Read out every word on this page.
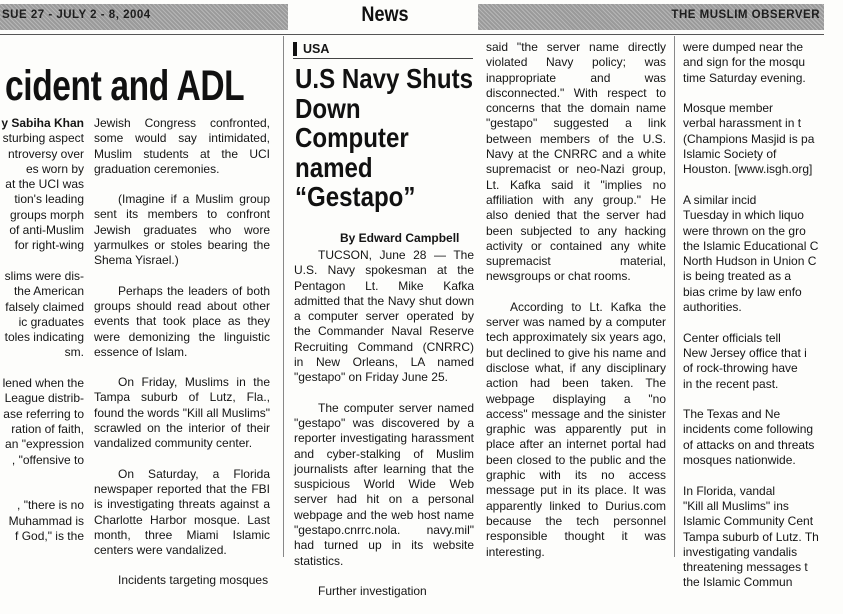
SUE 27 - JULY 2 - 8, 2004	News	THE MUSLIM OBSERVER
cident and ADL
y Sabiha Khan
sturbing aspect
ntroversy over
es worn by
at the UCI was
tion's leading
groups morph
of anti-Muslim
for right-wing
slims were dis-
the American
falsely claimed
ic graduates
toles indicating
sm.
lened when the
League distrib-
ase referring to
ration of faith,
an "expression
, "offensive to
, "there is no
Muhammad is
f God," is the

Jewish Congress confronted, some would say intimidated, Muslim students at the UCI graduation ceremonies.

(Imagine if a Muslim group sent its members to confront Jewish graduates who wore yarmulkes or stoles bearing the Shema Yisrael.)

Perhaps the leaders of both groups should read about other events that took place as they were demonizing the linguistic essence of Islam.

On Friday, Muslims in the Tampa suburb of Lutz, Fla., found the words "Kill all Muslims" scrawled on the interior of their vandalized community center.

On Saturday, a Florida newspaper reported that the FBI is investigating threats against a Charlotte Harbor mosque. Last month, three Miami Islamic centers were vandalized.

Incidents targeting mosques

USA
U.S Navy Shuts Down Computer named “Gestapo”
By Edward Campbell

TUCSON, June 28 — The U.S. Navy spokesman at the Pentagon Lt. Mike Kafka admitted that the Navy shut down a computer server operated by the Commander Naval Reserve Recruiting Command (CNRRC) in New Orleans, LA named "gestapo" on Friday June 25.

The computer server named "gestapo" was discovered by a reporter investigating harassment and cyber-stalking of Muslim journalists after learning that the suspicious World Wide Web server had hit on a personal webpage and the web host name "gestapo.cnrrc.nola. navy.mil" had turned up in its website statistics.

Further investigation

said "the server name directly violated Navy policy; was inappropriate and was disconnected." With respect to concerns that the domain name "gestapo" suggested a link between members of the U.S. Navy at the CNRRC and a white supremacist or neo-Nazi group, Lt. Kafka said it "implies no affiliation with any group." He also denied that the server had been subjected to any hacking activity or contained any white supremacist material, newsgroups or chat rooms.

According to Lt. Kafka the server was named by a computer tech approximately six years ago, but declined to give his name and disclose what, if any disciplinary action had been taken. The webpage displaying a "no access" message and the sinister graphic was apparently put in place after an internet portal had been closed to the public and the graphic with its no access message put in its place. It was apparently linked to Durius.com because the tech personnel responsible thought it was interesting.

were dumped near the
and sign for the mosqu
time Saturday evening.
Mosque member
verbal harassment in t
(Champions Masjid is pa
Islamic Society of
Houston. [www.isgh.org]
A similar incid
Tuesday in which liquo
were thrown on the gro
the Islamic Educational C
North Hudson in Union C
is being treated as a
bias crime by law enfo
authorities.
Center officials tell
New Jersey office that i
of rock-throwing have
in the recent past.
The Texas and Ne
incidents come following
of attacks on and threats
mosques nationwide.
In Florida, vandal
"Kill all Muslims" ins
Islamic Community Cent
Tampa suburb of Lutz. Th
investigating vandalis
threatening messages t
the Islamic Commun
